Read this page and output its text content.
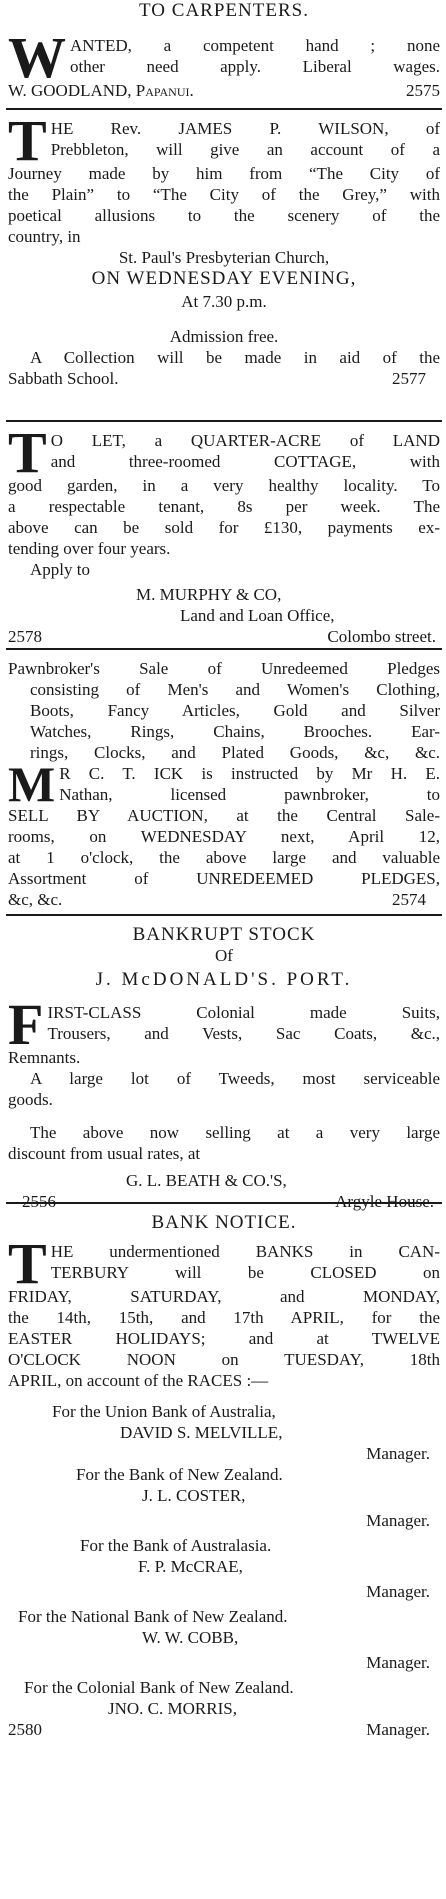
TO CARPENTERS.
W ANTED, a competent hand ; none
other need apply. Liberal wages.
W. GOODLAND, Papanui.	2575
T HE Rev. JAMES P. WILSON, of
Prebbleton, will give an account of a
Journey made by him from “The City of
the Plain” to “The City of the Grey,” with
poetical allusions to the scenery of the
country, in
St. Paul's Presbyterian Church,
ON WEDNESDAY EVENING,
At 7.30 p.m.
Admission free.
A Collection will be made in aid of the
Sabbath School.	2577
T O LET, a QUARTER-ACRE of LAND
and three-roomed COTTAGE, with
good garden, in a very healthy locality. To
a respectable tenant, 8s per week. The
above can be sold for £130, payments ex-
tending over four years.
Apply to
M. MURPHY & CO,
Land and Loan Office,
2578	Colombo street.
Pawnbroker's Sale of Unredeemed Pledges
consisting of Men's and Women's Clothing,
Boots, Fancy Articles, Gold and Silver
Watches, Rings, Chains, Brooches. Ear-
rings, Clocks, and Plated Goods, &c, &c.
M R C. T. ICK is instructed by Mr H. E.
Nathan, licensed pawnbroker, to
SELL BY AUCTION, at the Central Sale-
rooms, on WEDNESDAY next, April 12,
at 1 o'clock, the above large and valuable
Assortment of UNREDEEMED PLEDGES,
&c, &c.	2574
BANKRUPT STOCK
Of
J. McDONALD'S. PORT.
F IRST-CLASS Colonial made Suits,
Trousers, and Vests, Sac Coats, &c.,
Remnants.
A large lot of Tweeds, most serviceable
goods.
The above now selling at a very large
discount from usual rates, at
G. L. BEATH & CO.'S,
2556	Argyle House.
BANK NOTICE.
T HE undermentioned BANKS in CAN-
TERBURY will be CLOSED on
FRIDAY, SATURDAY, and MONDAY,
the 14th, 15th, and 17th APRIL, for the
EASTER HOLIDAYS; and at TWELVE
O'CLOCK NOON on TUESDAY, 18th
APRIL, on account of the RACES :—
For the Union Bank of Australia,
DAVID S. MELVILLE,
Manager.
For the Bank of New Zealand.
J. L. COSTER,
Manager.
For the Bank of Australasia.
F. P. McCRAE,
Manager.
For the National Bank of New Zealand.
W. W. COBB,
Manager.
For the Colonial Bank of New Zealand.
JNO. C. MORRIS,
2580	Manager.
